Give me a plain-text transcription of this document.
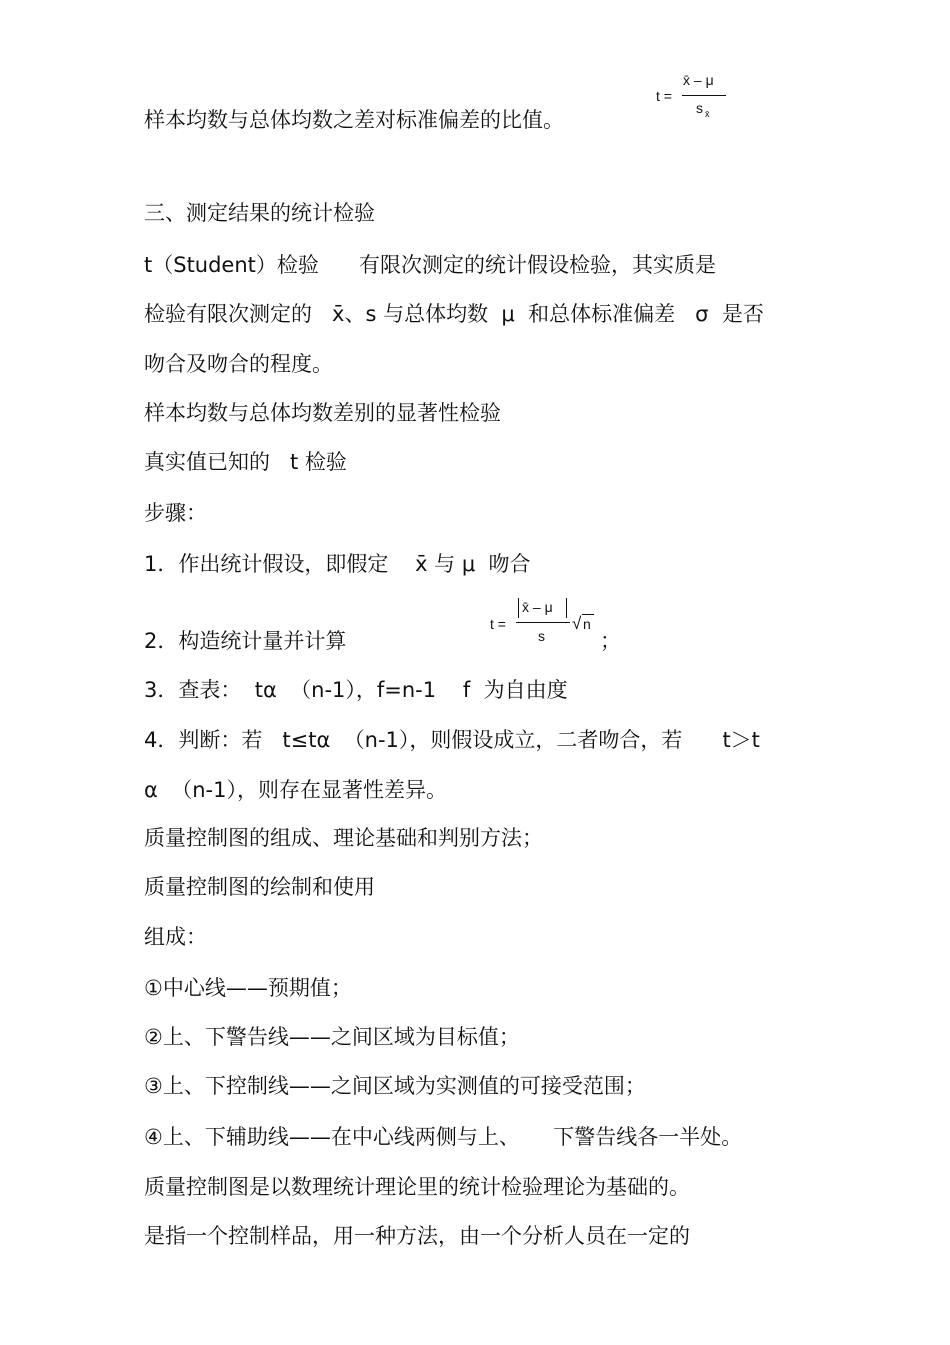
t =
x̄ – μ
s x̄

样本均数与总体均数之差对标准偏差的比值。

三、测定结果的统计检验

t（Student）检验      有限次测定的统计假设检验，其实质是

检验有限次测定的   x̄、s 与总体均数  μ  和总体标准偏差   σ  是否

吻合及吻合的程度。

样本均数与总体均数差别的显著性检验

真实值已知的   t 检验

步骤：

1．作出统计假设，即假定    x̄ 与 μ  吻合

t =
x̄ – μ
s
√ n

2．构造统计量并计算	；

3．查表：  tα  （n-1），f=n-1    f  为自由度

4．判断：若   t≤tα  （n-1），则假设成立，二者吻合，若      t＞t

α  （n-1），则存在显著性差异。

质量控制图的组成、理论基础和判别方法；

质量控制图的绘制和使用

组成：

①中心线——预期值；

②上、下警告线——之间区域为目标值；

③上、下控制线——之间区域为实测值的可接受范围；

④上、下辅助线——在中心线两侧与上、     下警告线各一半处。

质量控制图是以数理统计理论里的统计检验理论为基础的。

是指一个控制样品，用一种方法，由一个分析人员在一定的
